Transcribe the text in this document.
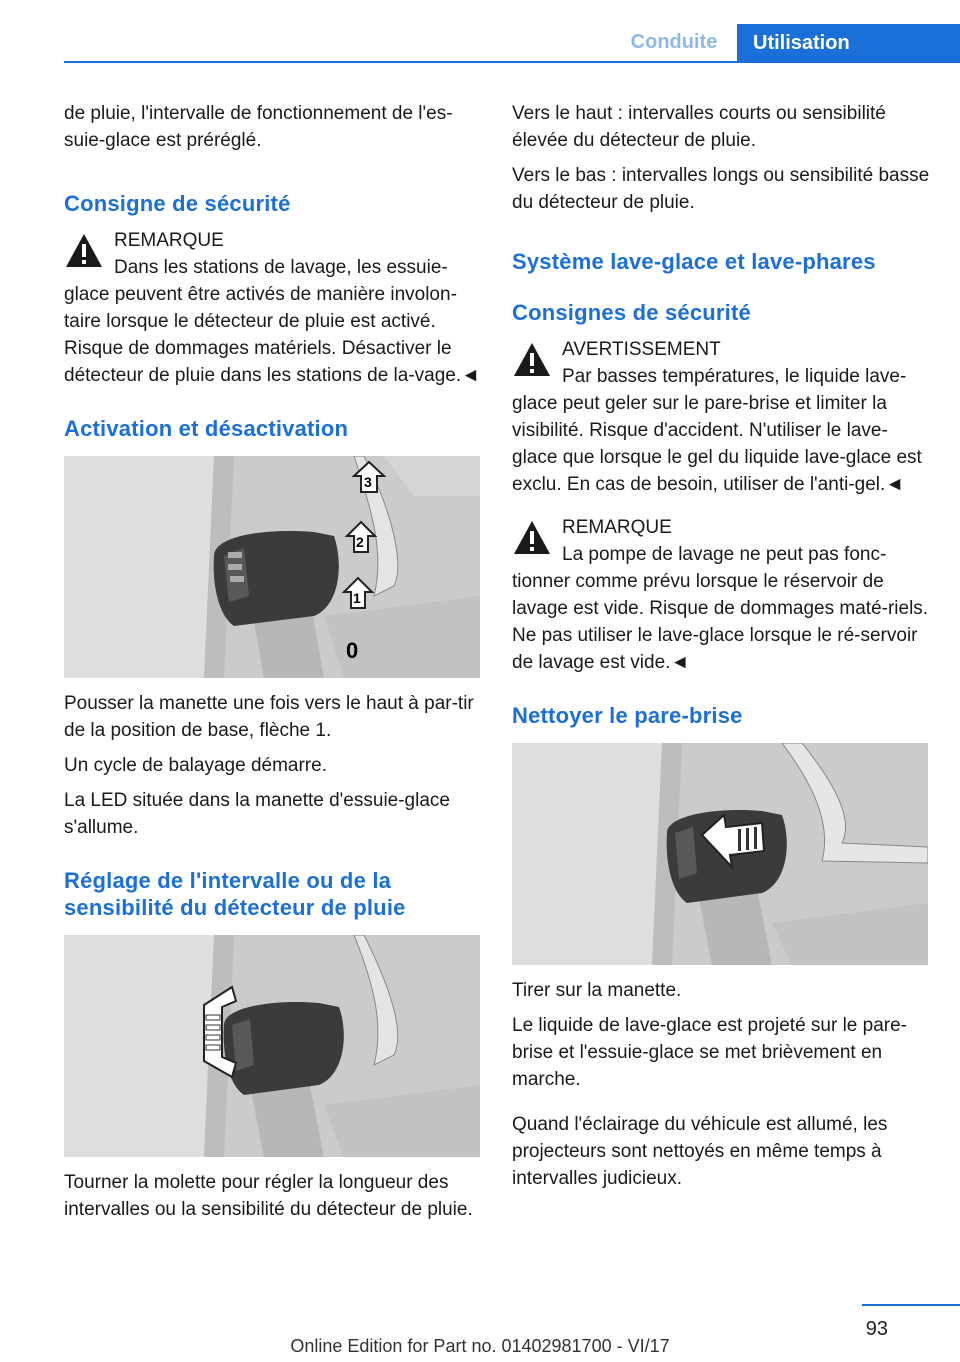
Conduite	Utilisation

de pluie, l'intervalle de fonctionnement de l'es-suie-glace est préréglé.

Consigne de sécurité
REMARQUE
Dans les stations de lavage, les essuie-glace peuvent être activés de manière involon-taire lorsque le détecteur de pluie est activé. Risque de dommages matériels. Désactiver le détecteur de pluie dans les stations de la-vage.◄
Activation et désactivation
3
2
1
0

Pousser la manette une fois vers le haut à par-tir de la position de base, flèche 1.

Un cycle de balayage démarre.

La LED située dans la manette d'essuie-glace s'allume.

Réglage de l'intervalle ou de la sensibilité du détecteur de pluie

Tourner la molette pour régler la longueur des intervalles ou la sensibilité du détecteur de pluie.

Vers le haut : intervalles courts ou sensibilité élevée du détecteur de pluie.

Vers le bas : intervalles longs ou sensibilité basse du détecteur de pluie.

Système lave-glace et lave-phares
Consignes de sécurité
AVERTISSEMENT
Par basses températures, le liquide lave-glace peut geler sur le pare-brise et limiter la visibilité. Risque d'accident. N'utiliser le lave-glace que lorsque le gel du liquide lave-glace est exclu. En cas de besoin, utiliser de l'anti-gel.◄
REMARQUE
La pompe de lavage ne peut pas fonc-tionner comme prévu lorsque le réservoir de lavage est vide. Risque de dommages maté-riels. Ne pas utiliser le lave-glace lorsque le ré-servoir de lavage est vide.◄
Nettoyer le pare-brise

Tirer sur la manette.

Le liquide de lave-glace est projeté sur le pare-brise et l'essuie-glace se met brièvement en marche.

Quand l'éclairage du véhicule est allumé, les projecteurs sont nettoyés en même temps à intervalles judicieux.

93
Online Edition for Part no. 01402981700 - VI/17
